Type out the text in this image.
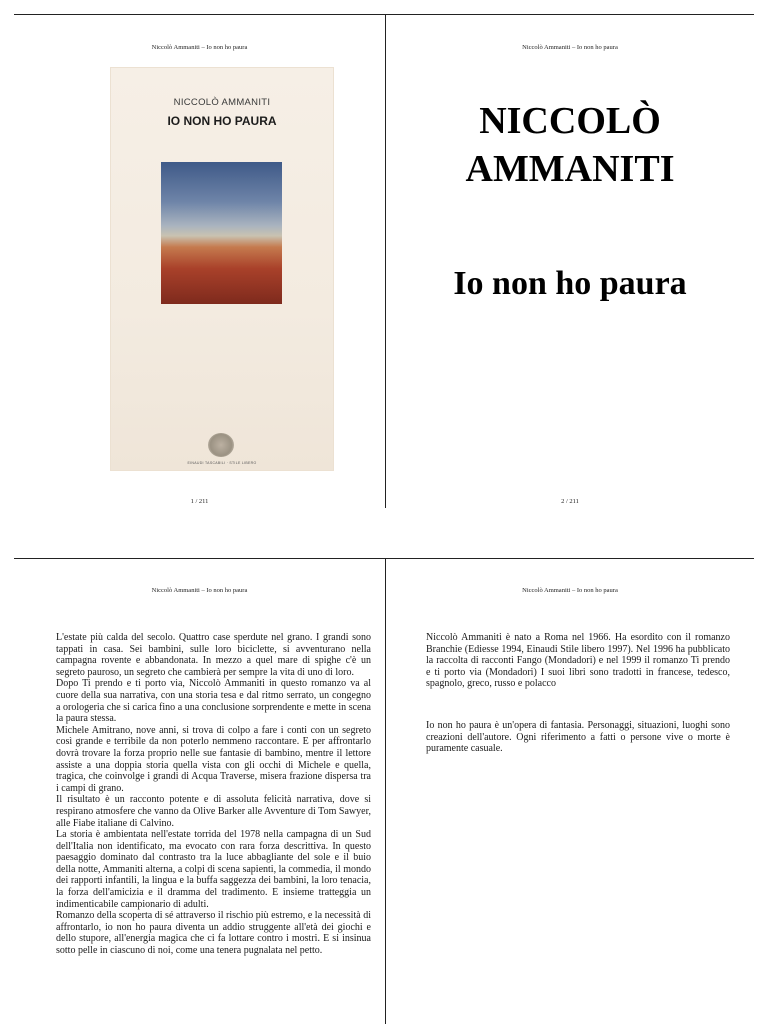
Niccolò Ammaniti – Io non ho paura
NICCOLÒ AMMANITI
IO NON HO PAURA
EINAUDI TASCABILI · STILE LIBERO
1 / 211
Niccolò Ammaniti – Io non ho paura
NICCOLÒ
AMMANITI
Io non ho paura
2 / 211
Niccolò Ammaniti – Io non ho paura

L'estate più calda del secolo. Quattro case sperdute nel grano. I grandi sono tappati in casa. Sei bambini, sulle loro biciclette, si avventurano nella campagna rovente e abbandonata. In mezzo a quel mare di spighe c'è un segreto pauroso, un segreto che cambierà per sempre la vita di uno di loro.

Dopo Ti prendo e ti porto via, Niccolò Ammaniti in questo romanzo va al cuore della sua narrativa, con una storia tesa e dal ritmo serrato, un congegno a orologeria che si carica fino a una conclusione sorprendente e mette in scena la paura stessa.

Michele Amitrano, nove anni, si trova di colpo a fare i conti con un segreto così grande e terribile da non poterlo nemmeno raccontare. E per affrontarlo dovrà trovare la forza proprio nelle sue fantasie di bambino, mentre il lettore assiste a una doppia storia quella vista con gli occhi di Michele e quella, tragica, che coinvolge i grandi di Acqua Traverse, misera frazione dispersa tra i campi di grano.

Il risultato è un racconto potente e di assoluta felicità narrativa, dove si respirano atmosfere che vanno da Olive Barker alle Avventure di Tom Sawyer, alle Fiabe italiane di Calvino.

La storia è ambientata nell'estate torrida del 1978 nella campagna di un Sud dell'Italia non identificato, ma evocato con rara forza descrittiva. In questo paesaggio dominato dal contrasto tra la luce abbagliante del sole e il buio della notte, Ammaniti alterna, a colpi di scena sapienti, la commedia, il mondo dei rapporti infantili, la lingua e la buffa saggezza dei bambini, la loro tenacia, la forza dell'amicizia e il dramma del tradimento. E insieme tratteggia un indimenticabile campionario di adulti.

Romanzo della scoperta di sé attraverso il rischio più estremo, e la necessità di affrontarlo, io non ho paura diventa un addio struggente all'età dei giochi e dello stupore, all'energia magica che ci fa lottare contro i mostri. E si insinua sotto pelle in ciascuno di noi, come una tenera pugnalata nel petto.

Niccolò Ammaniti – Io non ho paura

Niccolò Ammaniti è nato a Roma nel 1966. Ha esordito con il romanzo Branchie (Ediesse 1994, Einaudi Stile libero 1997). Nel 1996 ha pubblicato la raccolta di racconti Fango (Mondadori) e nel 1999 il romanzo Ti prendo e ti porto via (Mondadori) I suoi libri sono tradotti in francese, tedesco, spagnolo, greco, russo e polacco

Io non ho paura è un'opera di fantasia. Personaggi, situazioni, luoghi sono creazioni dell'autore. Ogni riferimento a fatti o persone vive o morte è puramente casuale.
